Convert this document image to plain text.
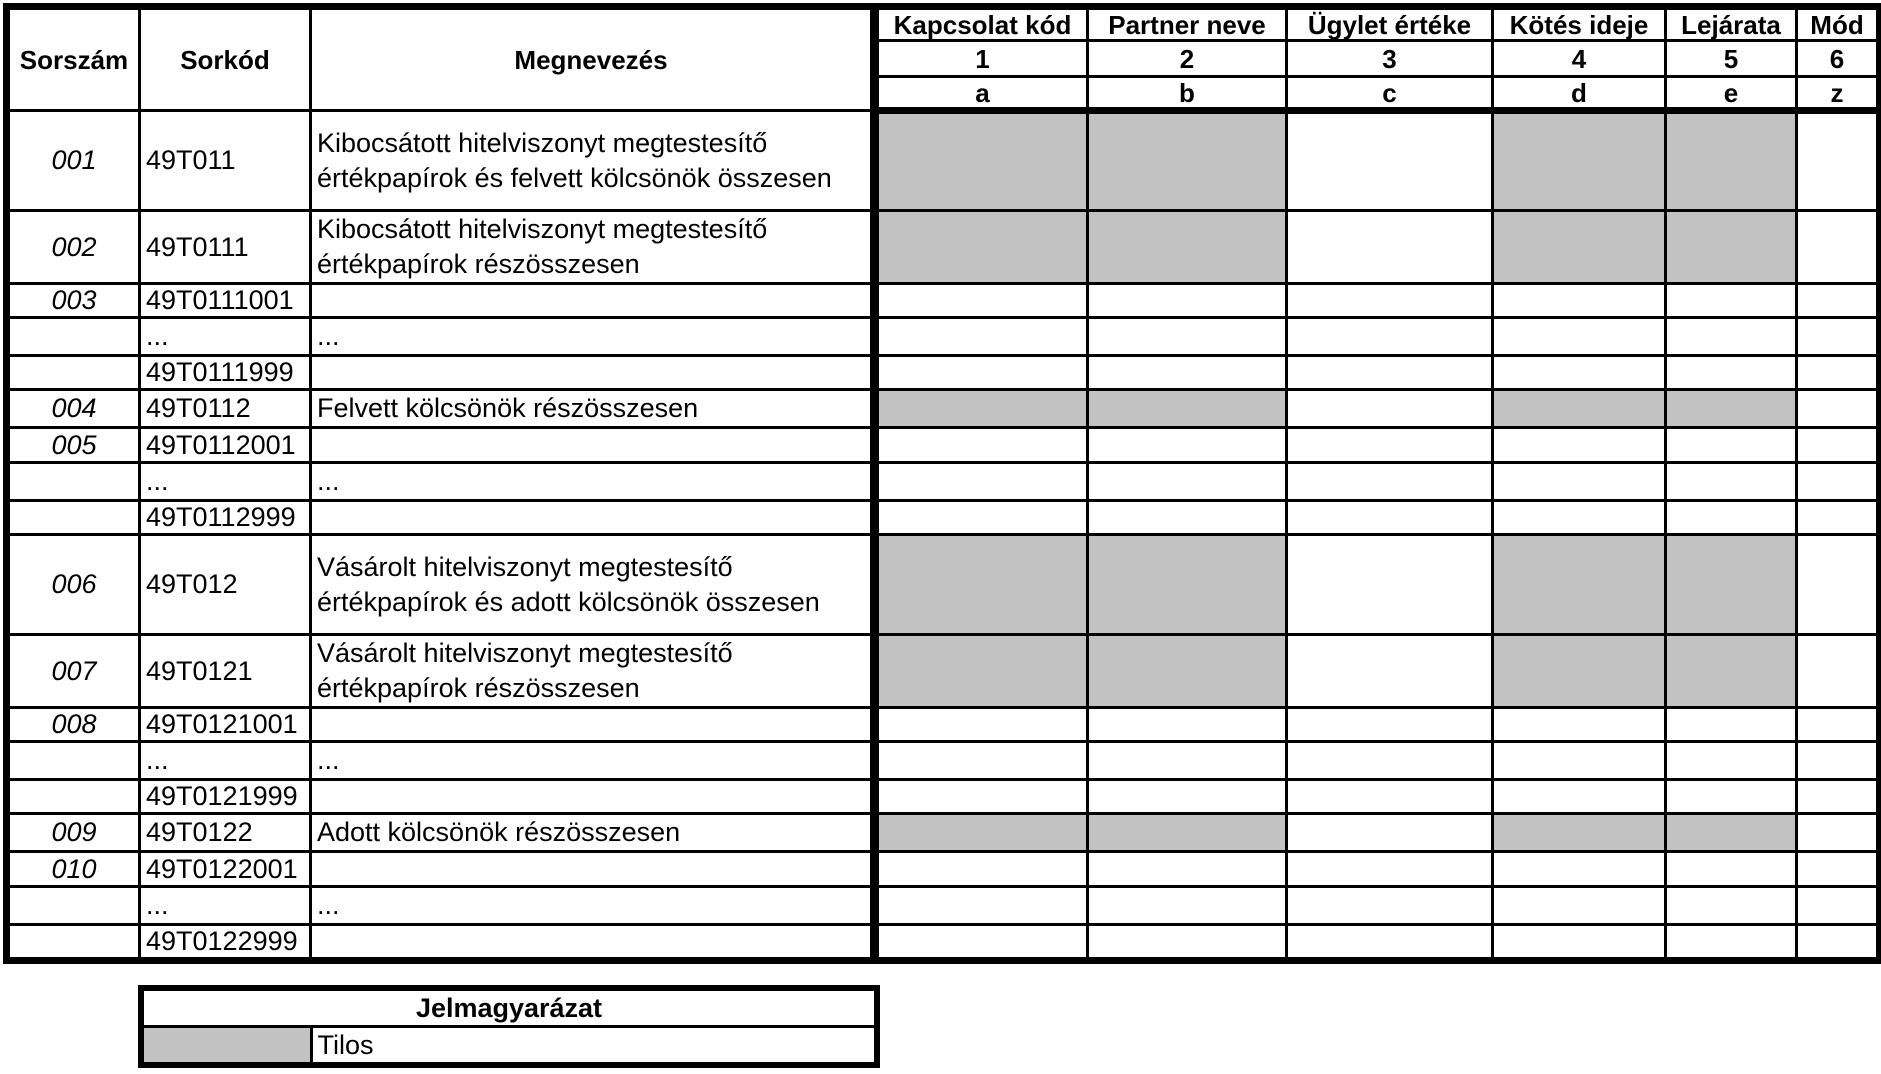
Sorszám	Sorkód	Megnevezés	Kapcsolat kód	Partner neve	Ügylet értéke	Kötés ideje	Lejárata	Mód
			1	2	3	4	5	6
			a	b	c	d	e	z
001	49T011	Kibocsátott hitelviszonyt megtestesítő értékpapírok és felvett kölcsönök összesen						
002	49T0111	Kibocsátott hitelviszonyt megtestesítő értékpapírok részösszesen						
003	49T0111001							
	...	...						
	49T0111999							
004	49T0112	Felvett kölcsönök részösszesen						
005	49T0112001							
	...	...						
	49T0112999							
006	49T012	Vásárolt hitelviszonyt megtestesítő értékpapírok és adott kölcsönök összesen						
007	49T0121	Vásárolt hitelviszonyt megtestesítő értékpapírok részösszesen						
008	49T0121001							
	...	...						
	49T0121999							
009	49T0122	Adott kölcsönök részösszesen						
010	49T0122001							
	...	...						
	49T0122999							
Jelmagyarázat
	Tilos
